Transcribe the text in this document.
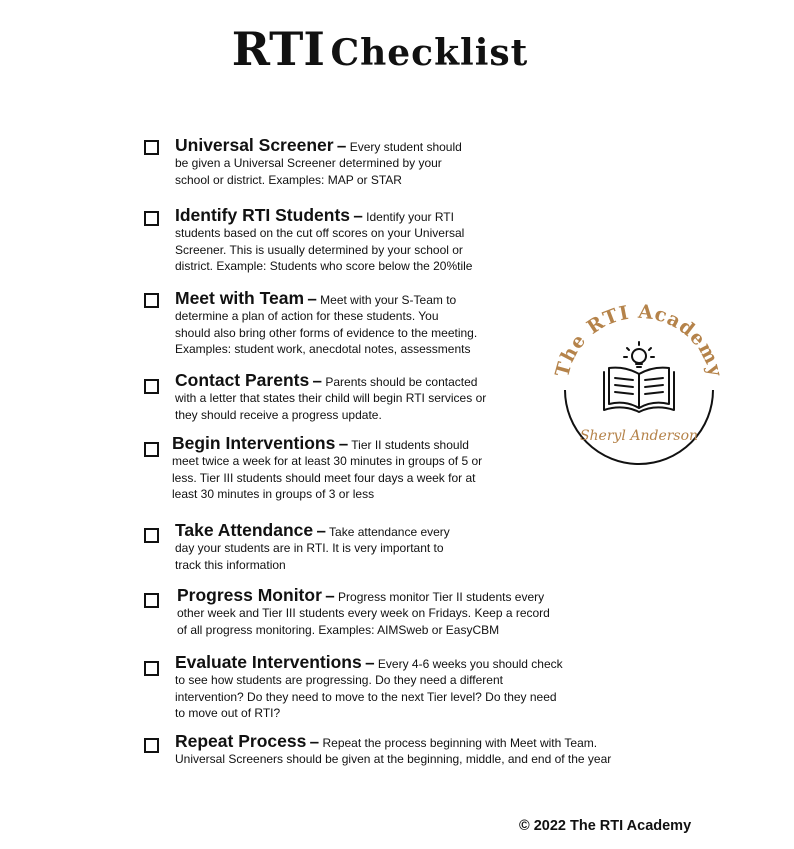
RTI Checklist
Universal Screener – Every student should
be given a Universal Screener determined by your
school or district. Examples: MAP or STAR
Identify RTI Students – Identify your RTI
students based on the cut off scores on your Universal
Screener. This is usually determined by your school or
district. Example: Students who score below the 20%tile
Meet with Team – Meet with your S-Team to
determine a plan of action for these students. You
should also bring other forms of evidence to the meeting.
Examples: student work, anecdotal notes, assessments
Contact Parents – Parents should be contacted
with a letter that states their child will begin RTI services or
they should receive a progress update.
Begin Interventions – Tier II students should
meet twice a week for at least 30 minutes in groups of 5 or
less. Tier III students should meet four days a week for at
least 30 minutes in groups of 3 or less
Take Attendance – Take attendance every
day your students are in RTI. It is very important to
track this information
Progress Monitor – Progress monitor Tier II students every
other week and Tier III students every week on Fridays. Keep a record
of all progress monitoring. Examples: AIMSweb or EasyCBM
Evaluate Interventions – Every 4-6 weeks you should check
to see how students are progressing. Do they need a different
intervention? Do they need to move to the next Tier level? Do they need
to move out of RTI?
Repeat Process – Repeat the process beginning with Meet with Team.
Universal Screeners should be given at the beginning, middle, and end of the year
The RTI Academy
Sheryl Anderson
© 2022 The RTI Academy
